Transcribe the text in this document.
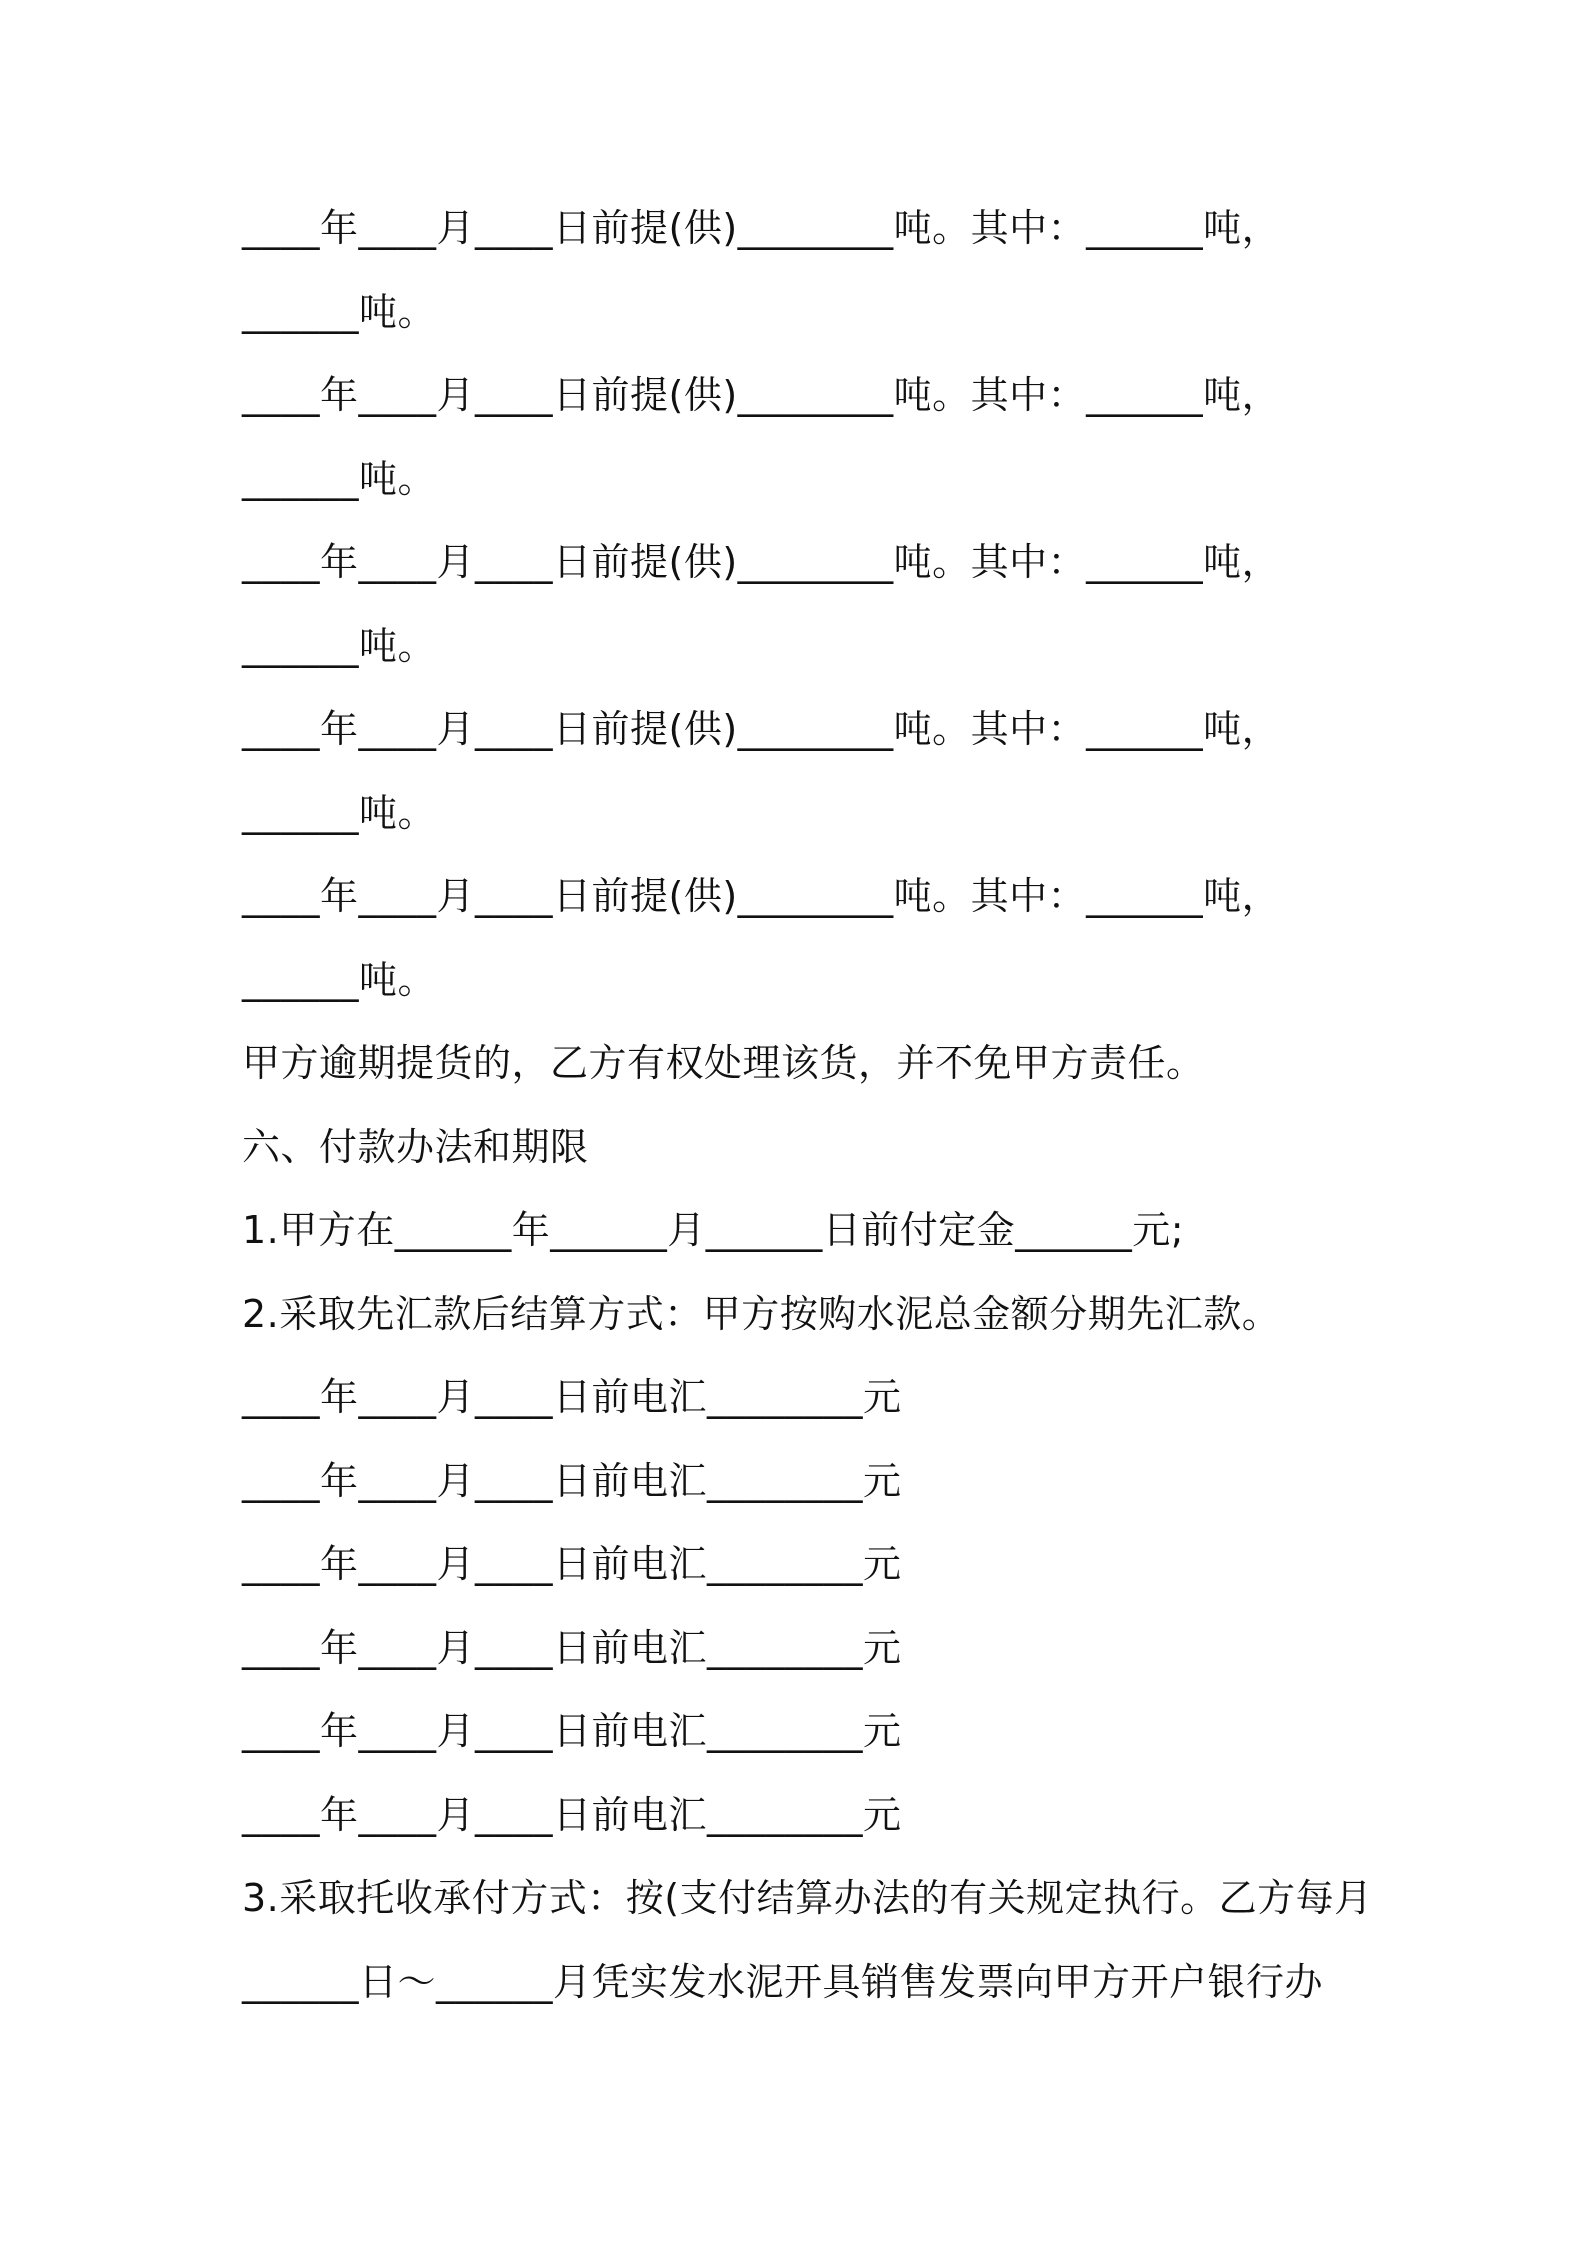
____年____月____日前提(供)________吨。其中：______吨，
______吨。
____年____月____日前提(供)________吨。其中：______吨，
______吨。
____年____月____日前提(供)________吨。其中：______吨，
______吨。
____年____月____日前提(供)________吨。其中：______吨，
______吨。
____年____月____日前提(供)________吨。其中：______吨，
______吨。
甲方逾期提货的，乙方有权处理该货，并不免甲方责任。
六、付款办法和期限
1.甲方在______年______月______日前付定金______元;
2.采取先汇款后结算方式：甲方按购水泥总金额分期先汇款。
____年____月____日前电汇________元
____年____月____日前电汇________元
____年____月____日前电汇________元
____年____月____日前电汇________元
____年____月____日前电汇________元
____年____月____日前电汇________元
3.采取托收承付方式：按(支付结算办法的有关规定执行。乙方每月
______日～______月凭实发水泥开具销售发票向甲方开户银行办
